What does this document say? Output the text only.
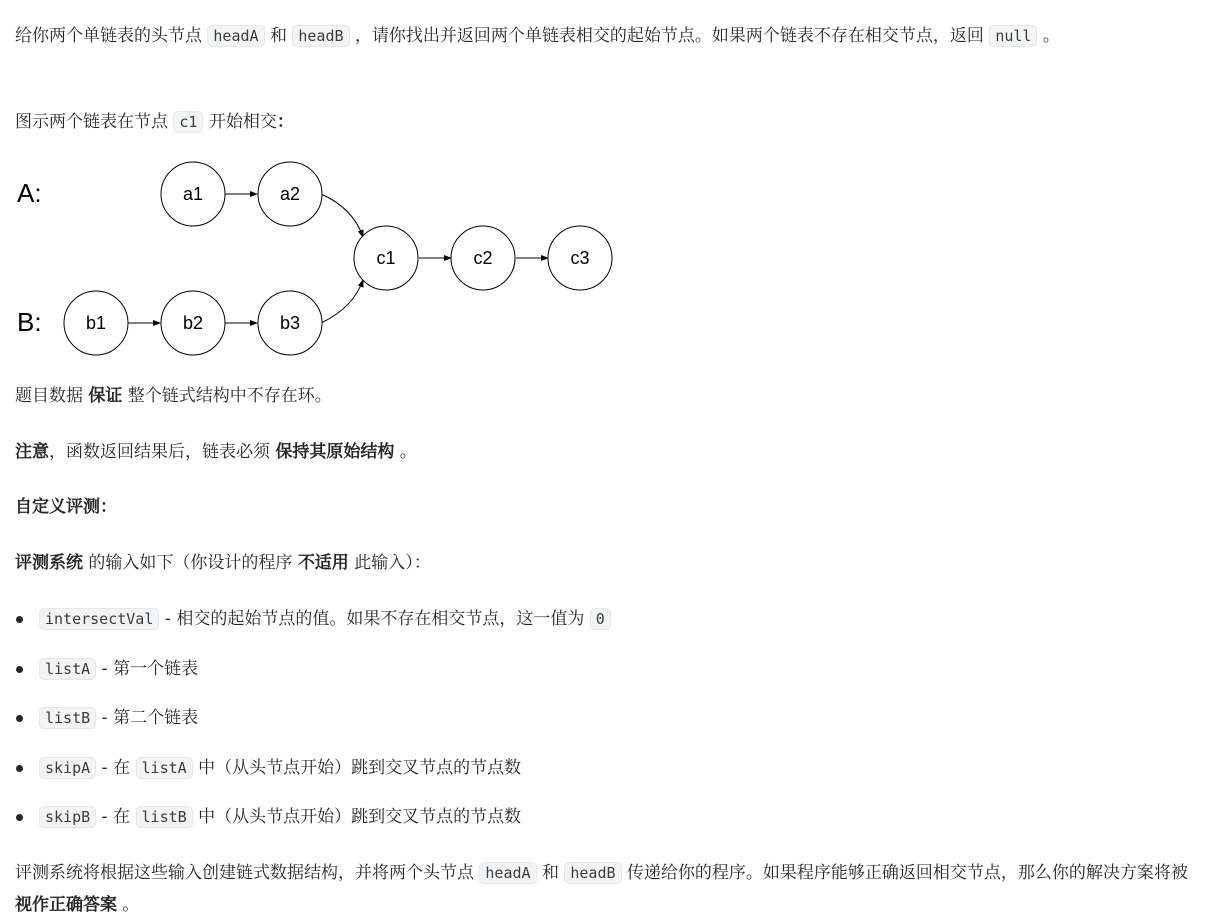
给你两个单链表的头节点 headA 和 headB ，请你找出并返回两个单链表相交的起始节点。如果两个链表不存在相交节点，返回 null 。
图示两个链表在节点 c1 开始相交：
A:
B:
a1	a2
c1	c2	c3
b1	b2	b3
题目数据 保证 整个链式结构中不存在环。
注意，函数返回结果后，链表必须 保持其原始结构 。
自定义评测：
评测系统 的输入如下（你设计的程序 不适用 此输入）：
intersectVal - 相交的起始节点的值。如果不存在相交节点，这一值为 0
listA - 第一个链表
listB - 第二个链表
skipA - 在 listA 中（从头节点开始）跳到交叉节点的节点数
skipB - 在 listB 中（从头节点开始）跳到交叉节点的节点数
评测系统将根据这些输入创建链式数据结构，并将两个头节点 headA 和 headB 传递给你的程序。如果程序能够正确返回相交节点，那么你的解决方案将被 视作正确答案 。
